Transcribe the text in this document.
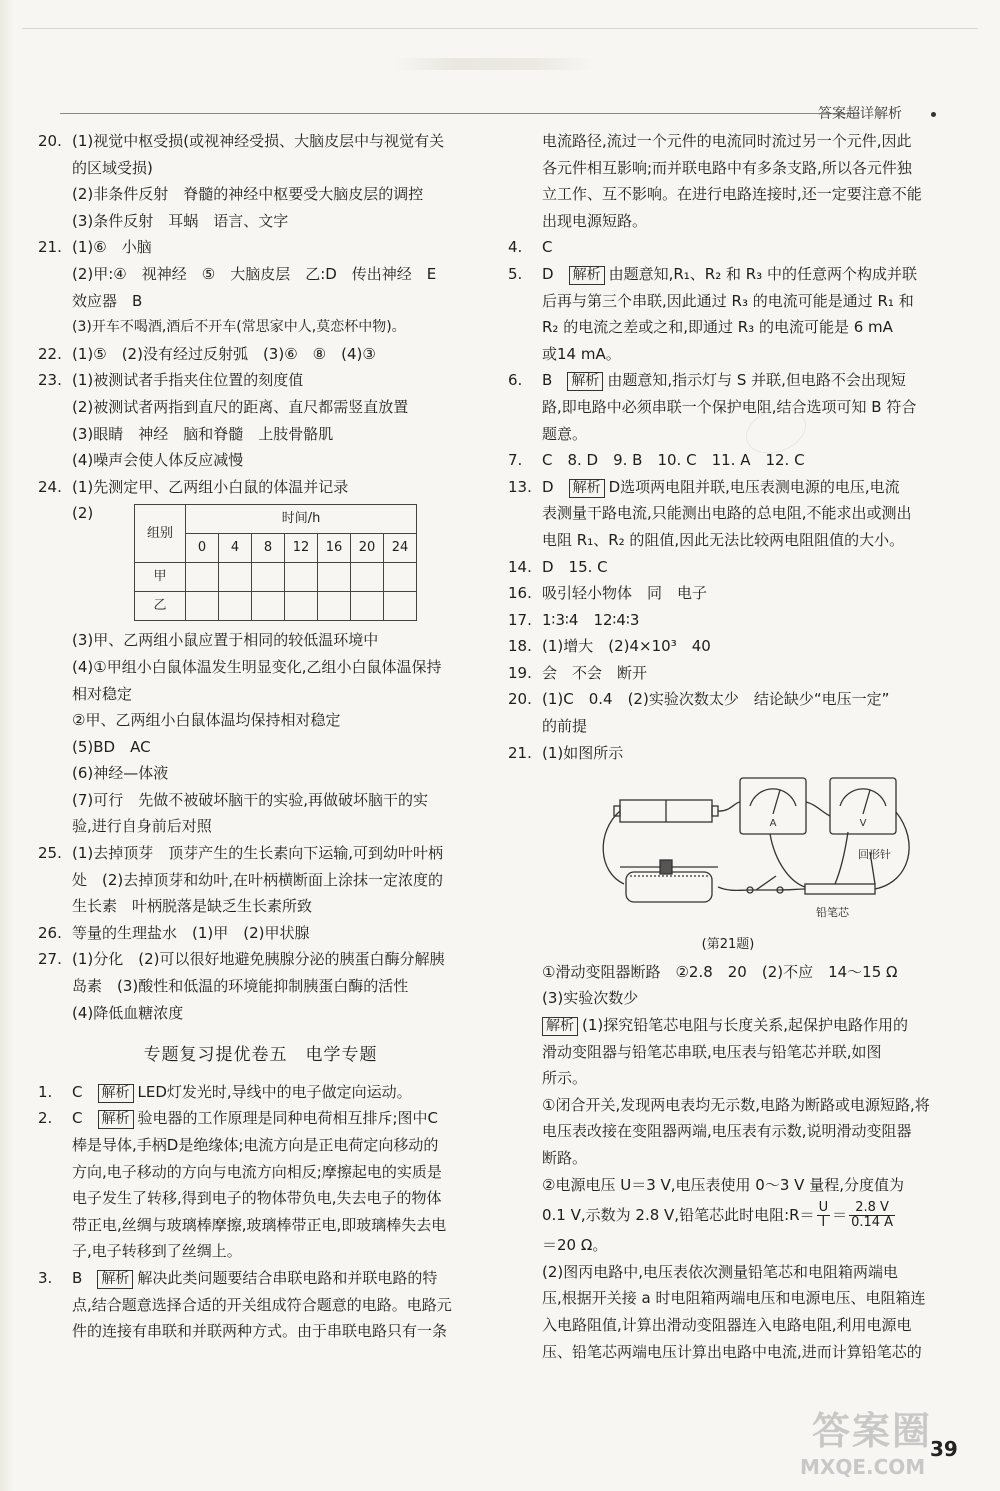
答案超详解析
20. (1)视觉中枢受损(或视神经受损、大脑皮层中与视觉有关
的区域受损)
(2)非条件反射　脊髓的神经中枢要受大脑皮层的调控
(3)条件反射　耳蜗　语言、文字
21. (1)⑥　小脑
(2)甲:④　视神经　⑤　大脑皮层　乙:D　传出神经　E
效应器　B
(3)开车不喝酒,酒后不开车(常思家中人,莫恋杯中物)。
22. (1)⑤　(2)没有经过反射弧　(3)⑥　⑧　(4)③
23. (1)被测试者手指夹住位置的刻度值
(2)被测试者两指到直尺的距离、直尺都需竖直放置
(3)眼睛　神经　脑和脊髓　上肢骨骼肌
(4)噪声会使人体反应减慢
24. (1)先测定甲、乙两组小白鼠的体温并记录
(2)
组别	时间/h						
	0	4	8	12	16	20	24
甲							
乙							
(3)甲、乙两组小鼠应置于相同的较低温环境中
(4)①甲组小白鼠体温发生明显变化,乙组小白鼠体温保持
相对稳定
②甲、乙两组小白鼠体温均保持相对稳定
(5)BD　AC
(6)神经—体液
(7)可行　先做不被破坏脑干的实验,再做破坏脑干的实
验,进行自身前后对照
25. (1)去掉顶芽　顶芽产生的生长素向下运输,可到幼叶叶柄
处　(2)去掉顶芽和幼叶,在叶柄横断面上涂抹一定浓度的
生长素　叶柄脱落是缺乏生长素所致
26. 等量的生理盐水　(1)甲　(2)甲状腺
27. (1)分化　(2)可以很好地避免胰腺分泌的胰蛋白酶分解胰
岛素　(3)酸性和低温的环境能抑制胰蛋白酶的活性
(4)降低血糖浓度
专题复习提优卷五　电学专题
1.	C　 解析 LED灯发光时,导线中的电子做定向运动。
2.	C　 解析 验电器的工作原理是同种电荷相互排斥;图中C
棒是导体,手柄D是绝缘体;电流方向是正电荷定向移动的
方向,电子移动的方向与电流方向相反;摩擦起电的实质是
电子发生了转移,得到电子的物体带负电,失去电子的物体
带正电,丝绸与玻璃棒摩擦,玻璃棒带正电,即玻璃棒失去电
子,电子转移到了丝绸上。
3.	B　 解析 解决此类问题要结合串联电路和并联电路的特
点,结合题意选择合适的开关组成符合题意的电路。电路元
件的连接有串联和并联两种方式。由于串联电路只有一条
电流路径,流过一个元件的电流同时流过另一个元件,因此
各元件相互影响;而并联电路中有多条支路,所以各元件独
立工作、互不影响。在进行电路连接时,还一定要注意不能
出现电源短路。
4.	C
5.	D　 解析 由题意知,R₁、R₂ 和 R₃ 中的任意两个构成并联
后再与第三个串联,因此通过 R₃ 的电流可能是通过 R₁ 和
R₂ 的电流之差或之和,即通过 R₃ 的电流可能是 6 mA
或14 mA。
6.	B　 解析 由题意知,指示灯与 S 并联,但电路不会出现短
路,即电路中必须串联一个保护电阻,结合选项可知 B 符合
题意。
7.	C　8. D　9. B　10. C　11. A　12. C
13. D　 解析 D选项两电阻并联,电压表测电源的电压,电流
表测量干路电流,只能测出电路的总电阻,不能求出或测出
电阻 R₁、R₂ 的阻值,因此无法比较两电阻阻值的大小。
14. D　15. C
16. 吸引轻小物体　同　电子
17. 1∶3∶4　12∶4∶3
18. (1)增大　(2)4×10³　40
19. 会　不会　断开
20. (1)C　0.4　(2)实验次数太少　结论缺少“电压一定”
的前提
21. (1)如图所示
A	V
回形针
铅笔芯
(第21题)
①滑动变阻器断路　②2.8　20　(2)不应　14～15 Ω
(3)实验次数少
解析 (1)探究铅笔芯电阻与长度关系,起保护电路作用的
滑动变阻器与铅笔芯串联,电压表与铅笔芯并联,如图
所示。
①闭合开关,发现两电表均无示数,电路为断路或电源短路,将
电压表改接在变阻器两端,电压表有示数,说明滑动变阻器
断路。
②电源电压 U＝3 V,电压表使用 0～3 V 量程,分度值为
0.1 V,示数为 2.8 V,铅笔芯此时电阻:R＝ $\frac{U}{I} = \frac{2.8 V}{0.14 A}$
＝20 Ω。
(2)图丙电路中,电压表依次测量铅笔芯和电阻箱两端电
压,根据开关接 a 时电阻箱两端电压和电源电压、电阻箱连
入电路阻值,计算出滑动变阻器连入电路电阻,利用电源电
压、铅笔芯两端电压计算出电路中电流,进而计算铅笔芯的
39
答案圈
MXQE.COM
